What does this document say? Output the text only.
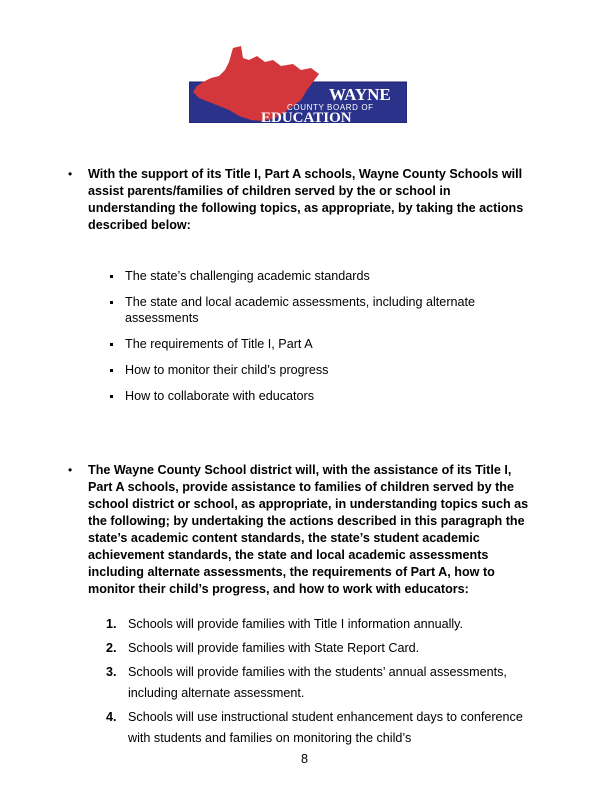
WAYNE
COUNTY BOARD OF
EDUCATION
• With the support of its Title I, Part A schools, Wayne County Schools will assist parents/families of children served by the or school in understanding the following topics, as appropriate, by taking the actions described below:
The state’s challenging academic standards
The state and local academic assessments, including alternate assessments
The requirements of Title I, Part A
How to monitor their child’s progress
How to collaborate with educators
• The Wayne County School district will, with the assistance of its Title I, Part A schools, provide assistance to families of children served by the school district or school, as appropriate, in understanding topics such as the following; by undertaking the actions described in this paragraph the state’s academic content standards, the state’s student academic achievement standards, the state and local academic assessments including alternate assessments, the requirements of Part A, how to monitor their child’s progress, and how to work with educators:
1. Schools will provide families with Title I information annually.
2. Schools will provide families with State Report Card.
3. Schools will provide families with the students’ annual assessments, including alternate assessment.
4. Schools will use instructional student enhancement days to conference with students and families on monitoring the child’s
8
